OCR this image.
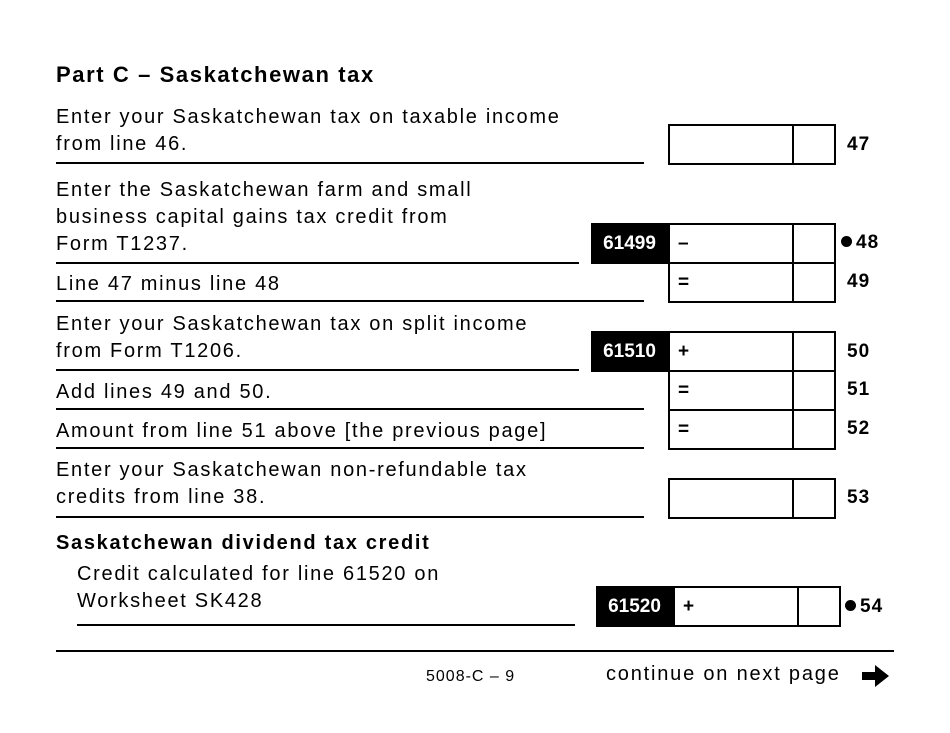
Part C – Saskatchewan tax
Enter your Saskatchewan tax on taxable income
from line 46.	47
Enter the Saskatchewan farm and small
business capital gains tax credit from
Form T1237.	61499	–	48
Line 47 minus line 48	=	49
Enter your Saskatchewan tax on split income
from Form T1206.	61510	+	50
Add lines 49 and 50.	=	51
Amount from line 51 above [the previous page]	=	52
Enter your Saskatchewan non-refundable tax
credits from line 38.	53
Saskatchewan dividend tax credit
Credit calculated for line 61520 on
Worksheet SK428	61520	+	54
5008-C – 9	continue on next page
